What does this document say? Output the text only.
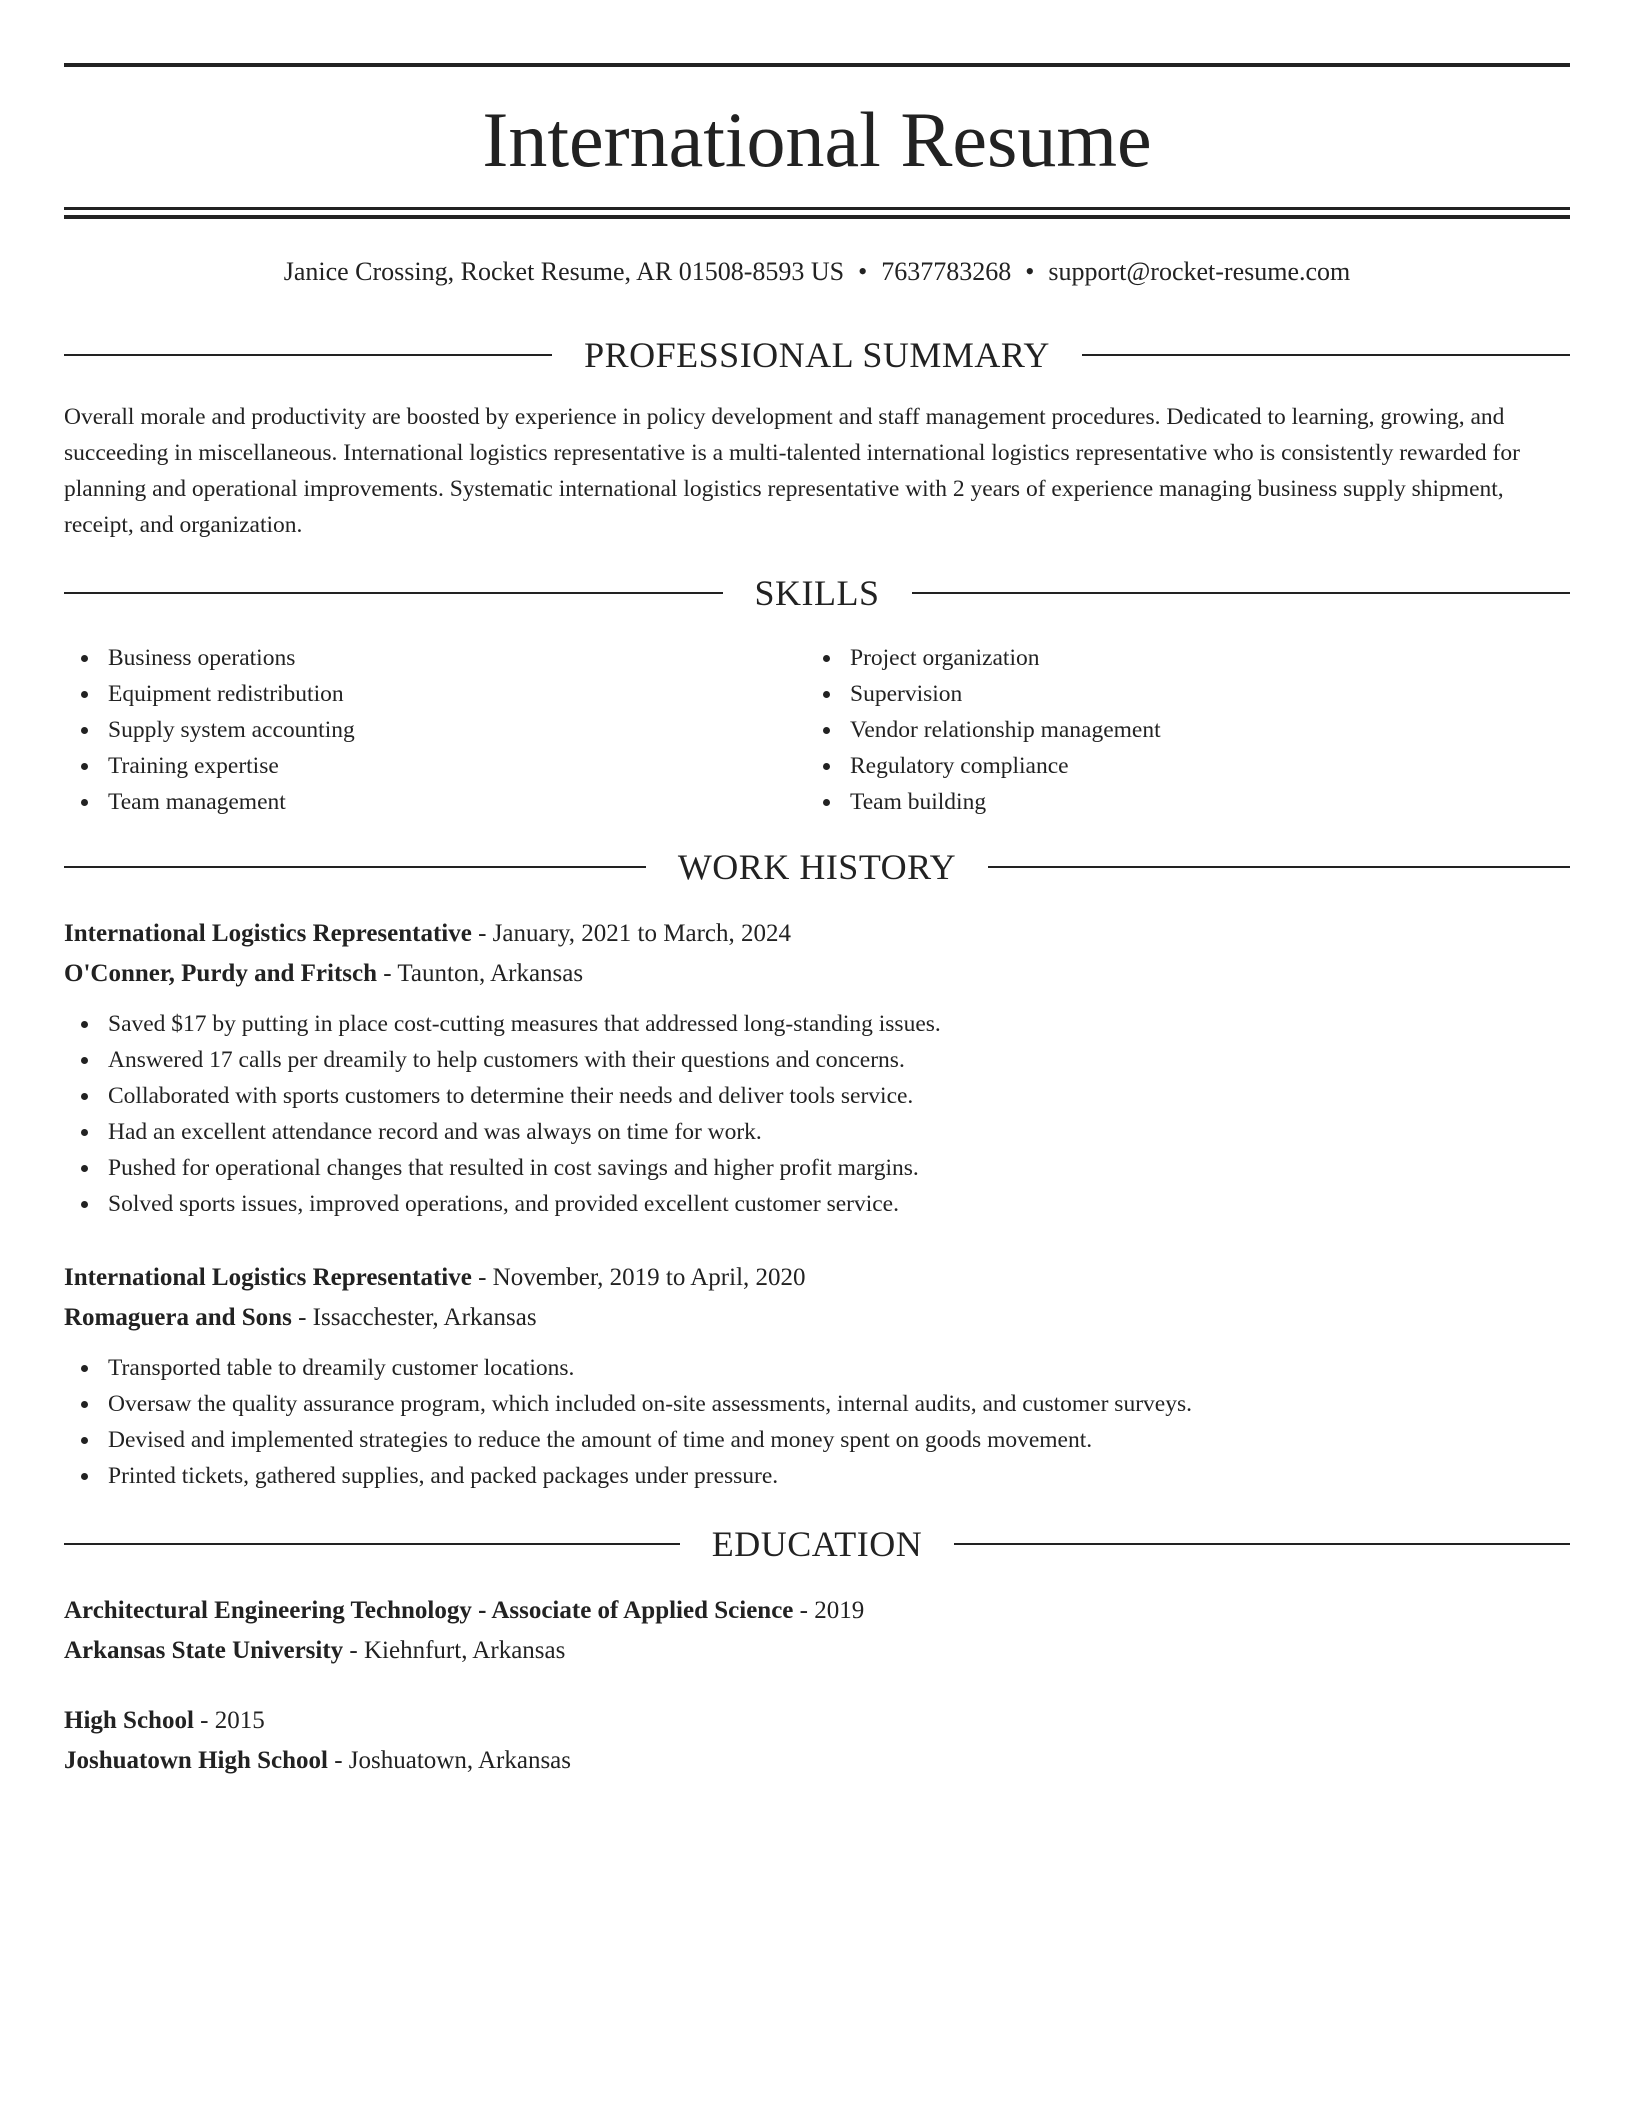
International Resume
Janice Crossing, Rocket Resume, AR 01508-8593 US • 7637783268 • support@rocket-resume.com
PROFESSIONAL SUMMARY
Overall morale and productivity are boosted by experience in policy development and staff management procedures. Dedicated to learning, growing, and succeeding in miscellaneous. International logistics representative is a multi-talented international logistics representative who is consistently rewarded for planning and operational improvements. Systematic international logistics representative with 2 years of experience managing business supply shipment, receipt, and organization.
SKILLS
Business operations
Equipment redistribution
Supply system accounting
Training expertise
Team management
Project organization
Supervision
Vendor relationship management
Regulatory compliance
Team building
WORK HISTORY
International Logistics Representative - January, 2021 to March, 2024
O'Conner, Purdy and Fritsch - Taunton, Arkansas
Saved $17 by putting in place cost-cutting measures that addressed long-standing issues.
Answered 17 calls per dreamily to help customers with their questions and concerns.
Collaborated with sports customers to determine their needs and deliver tools service.
Had an excellent attendance record and was always on time for work.
Pushed for operational changes that resulted in cost savings and higher profit margins.
Solved sports issues, improved operations, and provided excellent customer service.
International Logistics Representative - November, 2019 to April, 2020
Romaguera and Sons - Issacchester, Arkansas
Transported table to dreamily customer locations.
Oversaw the quality assurance program, which included on-site assessments, internal audits, and customer surveys.
Devised and implemented strategies to reduce the amount of time and money spent on goods movement.
Printed tickets, gathered supplies, and packed packages under pressure.
EDUCATION
Architectural Engineering Technology - Associate of Applied Science - 2019
Arkansas State University - Kiehnfurt, Arkansas
High School - 2015
Joshuatown High School - Joshuatown, Arkansas
